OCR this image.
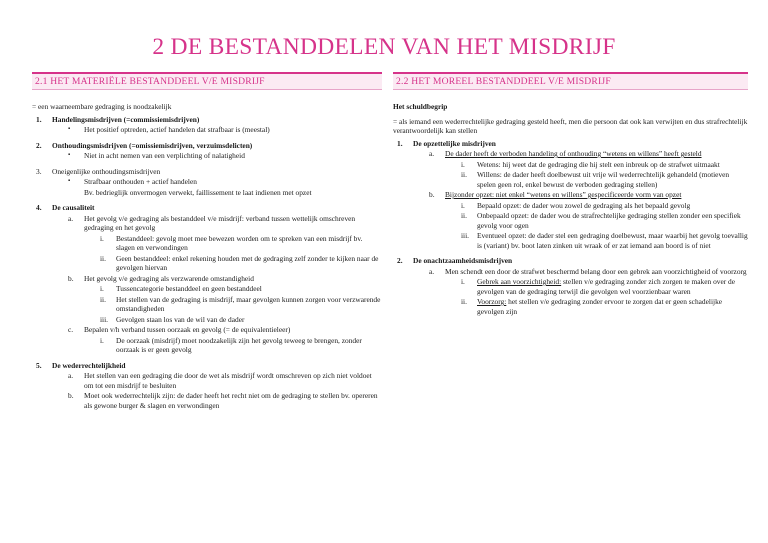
2 DE BESTANDDELEN VAN HET MISDRIJF
2.1 HET MATERIËLE BESTANDDEEL V/E MISDRIJF
= een waarneembare gedraging is noodzakelijk
1.	Handelingsmisdrijven (=commissiemisdrijven)
▪	Het positief optreden, actief handelen dat strafbaar is (meestal)
2.	Onthoudingsmisdrijven (=omissiemisdrijven, verzuimsdelicten)
▪	Niet in acht nemen van een verplichting of nalatigheid
3.	Oneigenlijke onthoudingsmisdrijven
▪	Strafbaar onthouden + actief handelen
Bv. bedrieglijk onvermogen verwekt, faillissement te laat indienen met opzet
4.	De causaliteit
a.	Het gevolg v/e gedraging als bestanddeel v/e misdrijf: verband tussen wettelijk omschreven gedraging en het gevolg
i.	Bestanddeel: gevolg moet mee bewezen worden om te spreken van een misdrijf bv. slagen en verwondingen
ii.	Geen bestanddeel: enkel rekening houden met de gedraging zelf zonder te kijken naar de gevolgen hiervan
b.	Het gevolg v/e gedraging als verzwarende omstandigheid
i.	Tussencategorie bestanddeel en geen bestanddeel
ii.	Het stellen van de gedraging is misdrijf, maar gevolgen kunnen zorgen voor verzwarende omstandigheden
iii.	Gevolgen staan los van de wil van de dader
c.	Bepalen v/h verband tussen oorzaak en gevolg (= de equivalentieleer)
i.	De oorzaak (misdrijf) moet noodzakelijk zijn het gevolg teweeg te brengen, zonder oorzaak is er geen gevolg
5.	De wederrechtelijkheid
a.	Het stellen van een gedraging die door de wet als misdrijf wordt omschreven op zich niet voldoet om tot een misdrijf te besluiten
b.	Moet ook wederrechtelijk zijn: de dader heeft het recht niet om de gedraging te stellen bv. opereren als gewone burger & slagen en verwondingen
2.2 HET MOREEL BESTANDDEEL V/E MISDRIJF
Het schuldbegrip
= als iemand een wederrechtelijke gedraging gesteld heeft, men die persoon dat ook kan verwijten en dus strafrechtelijk verantwoordelijk kan stellen
1.	De opzettelijke misdrijven
a.	De dader heeft de verboden handeling of onthouding “wetens en willens” heeft gesteld
i.	Wetens: hij weet dat de gedraging die hij stelt een inbreuk op de strafwet uitmaakt
ii.	Willens: de dader heeft doelbewust uit vrije wil wederrechtelijk gehandeld (motieven spelen geen rol, enkel bewust de verboden gedraging stellen)
b.	Bijzonder opzet: niet enkel “wetens en willens” gespecificeerde vorm van opzet
i.	Bepaald opzet: de dader wou zowel de gedraging als het bepaald gevolg
ii.	Onbepaald opzet: de dader wou de strafrechtelijke gedraging stellen zonder een specifiek gevolg voor ogen
iii.	Eventueel opzet: de dader stel een gedraging doelbewust, maar waarbij het gevolg toevallig is (variant) bv. boot laten zinken uit wraak of er zat iemand aan boord is of niet
2.	De onachtzaamheidsmisdrijven
a.	Men schendt een door de strafwet beschermd belang door een gebrek aan voorzichtigheid of voorzorg
i.	Gebrek aan voorzichtigheid: stellen v/e gedraging zonder zich zorgen te maken over de gevolgen van de gedraging terwijl die gevolgen wel voorzienbaar waren
ii.	Voorzorg: het stellen v/e gedraging zonder ervoor te zorgen dat er geen schadelijke gevolgen zijn
